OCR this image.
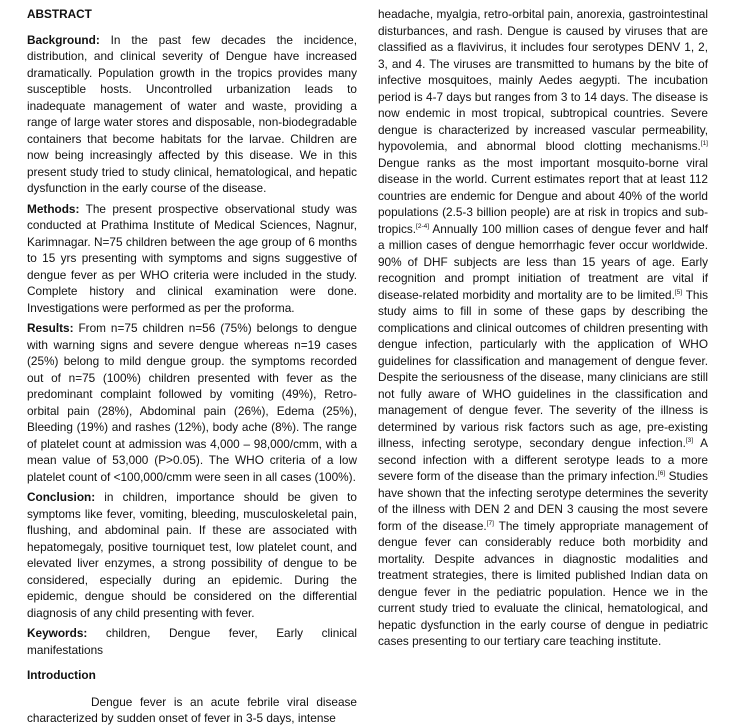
ABSTRACT

Background: In the past few decades the incidence, distribution, and clinical severity of Dengue have increased dramatically. Population growth in the tropics provides many susceptible hosts. Uncontrolled urbanization leads to inadequate management of water and waste, providing a range of large water stores and disposable, non-biodegradable containers that become habitats for the larvae. Children are now being increasingly affected by this disease. We in this present study tried to study clinical, hematological, and hepatic dysfunction in the early course of the disease.

Methods: The present prospective observational study was conducted at Prathima Institute of Medical Sciences, Nagnur, Karimnagar. N=75 children between the age group of 6 months to 15 yrs presenting with symptoms and signs suggestive of dengue fever as per WHO criteria were included in the study. Complete history and clinical examination were done. Investigations were performed as per the proforma.

Results: From n=75 children n=56 (75%) belongs to dengue with warning signs and severe dengue whereas n=19 cases (25%) belong to mild dengue group. the symptoms recorded out of n=75 (100%) children presented with fever as the predominant complaint followed by vomiting (49%), Retro-orbital pain (28%), Abdominal pain (26%), Edema (25%), Bleeding (19%) and rashes (12%), body ache (8%). The range of platelet count at admission was 4,000 – 98,000/cmm, with a mean value of 53,000 (P>0.05). The WHO criteria of a low platelet count of <100,000/cmm were seen in all cases (100%).

Conclusion: in children, importance should be given to symptoms like fever, vomiting, bleeding, musculoskeletal pain, flushing, and abdominal pain. If these are associated with hepatomegaly, positive tourniquet test, low platelet count, and elevated liver enzymes, a strong possibility of dengue to be considered, especially during an epidemic. During the epidemic, dengue should be considered on the differential diagnosis of any child presenting with fever.

Keywords: children, Dengue fever, Early clinical manifestations

Introduction

Dengue fever is an acute febrile viral disease characterized by sudden onset of fever in 3-5 days, intense

headache, myalgia, retro-orbital pain, anorexia, gastrointestinal disturbances, and rash. Dengue is caused by viruses that are classified as a flavivirus, it includes four serotypes DENV 1, 2, 3, and 4. The viruses are transmitted to humans by the bite of infective mosquitoes, mainly Aedes aegypti. The incubation period is 4-7 days but ranges from 3 to 14 days. The disease is now endemic in most tropical, subtropical countries. Severe dengue is characterized by increased vascular permeability, hypovolemia, and abnormal blood clotting mechanisms.[1] Dengue ranks as the most important mosquito-borne viral disease in the world. Current estimates report that at least 112 countries are endemic for Dengue and about 40% of the world populations (2.5-3 billion people) are at risk in tropics and sub-tropics.[2-4] Annually 100 million cases of dengue fever and half a million cases of dengue hemorrhagic fever occur worldwide. 90% of DHF subjects are less than 15 years of age. Early recognition and prompt initiation of treatment are vital if disease-related morbidity and mortality are to be limited.[5] This study aims to fill in some of these gaps by describing the complications and clinical outcomes of children presenting with dengue infection, particularly with the application of WHO guidelines for classification and management of dengue fever. Despite the seriousness of the disease, many clinicians are still not fully aware of WHO guidelines in the classification and management of dengue fever. The severity of the illness is determined by various risk factors such as age, pre-existing illness, infecting serotype, secondary dengue infection.[3] A second infection with a different serotype leads to a more severe form of the disease than the primary infection.[6] Studies have shown that the infecting serotype determines the severity of the illness with DEN 2 and DEN 3 causing the most severe form of the disease.[7] The timely appropriate management of dengue fever can considerably reduce both morbidity and mortality. Despite advances in diagnostic modalities and treatment strategies, there is limited published Indian data on dengue fever in the pediatric population. Hence we in the current study tried to evaluate the clinical, hematological, and hepatic dysfunction in the early course of dengue in pediatric cases presenting to our tertiary care teaching institute.
